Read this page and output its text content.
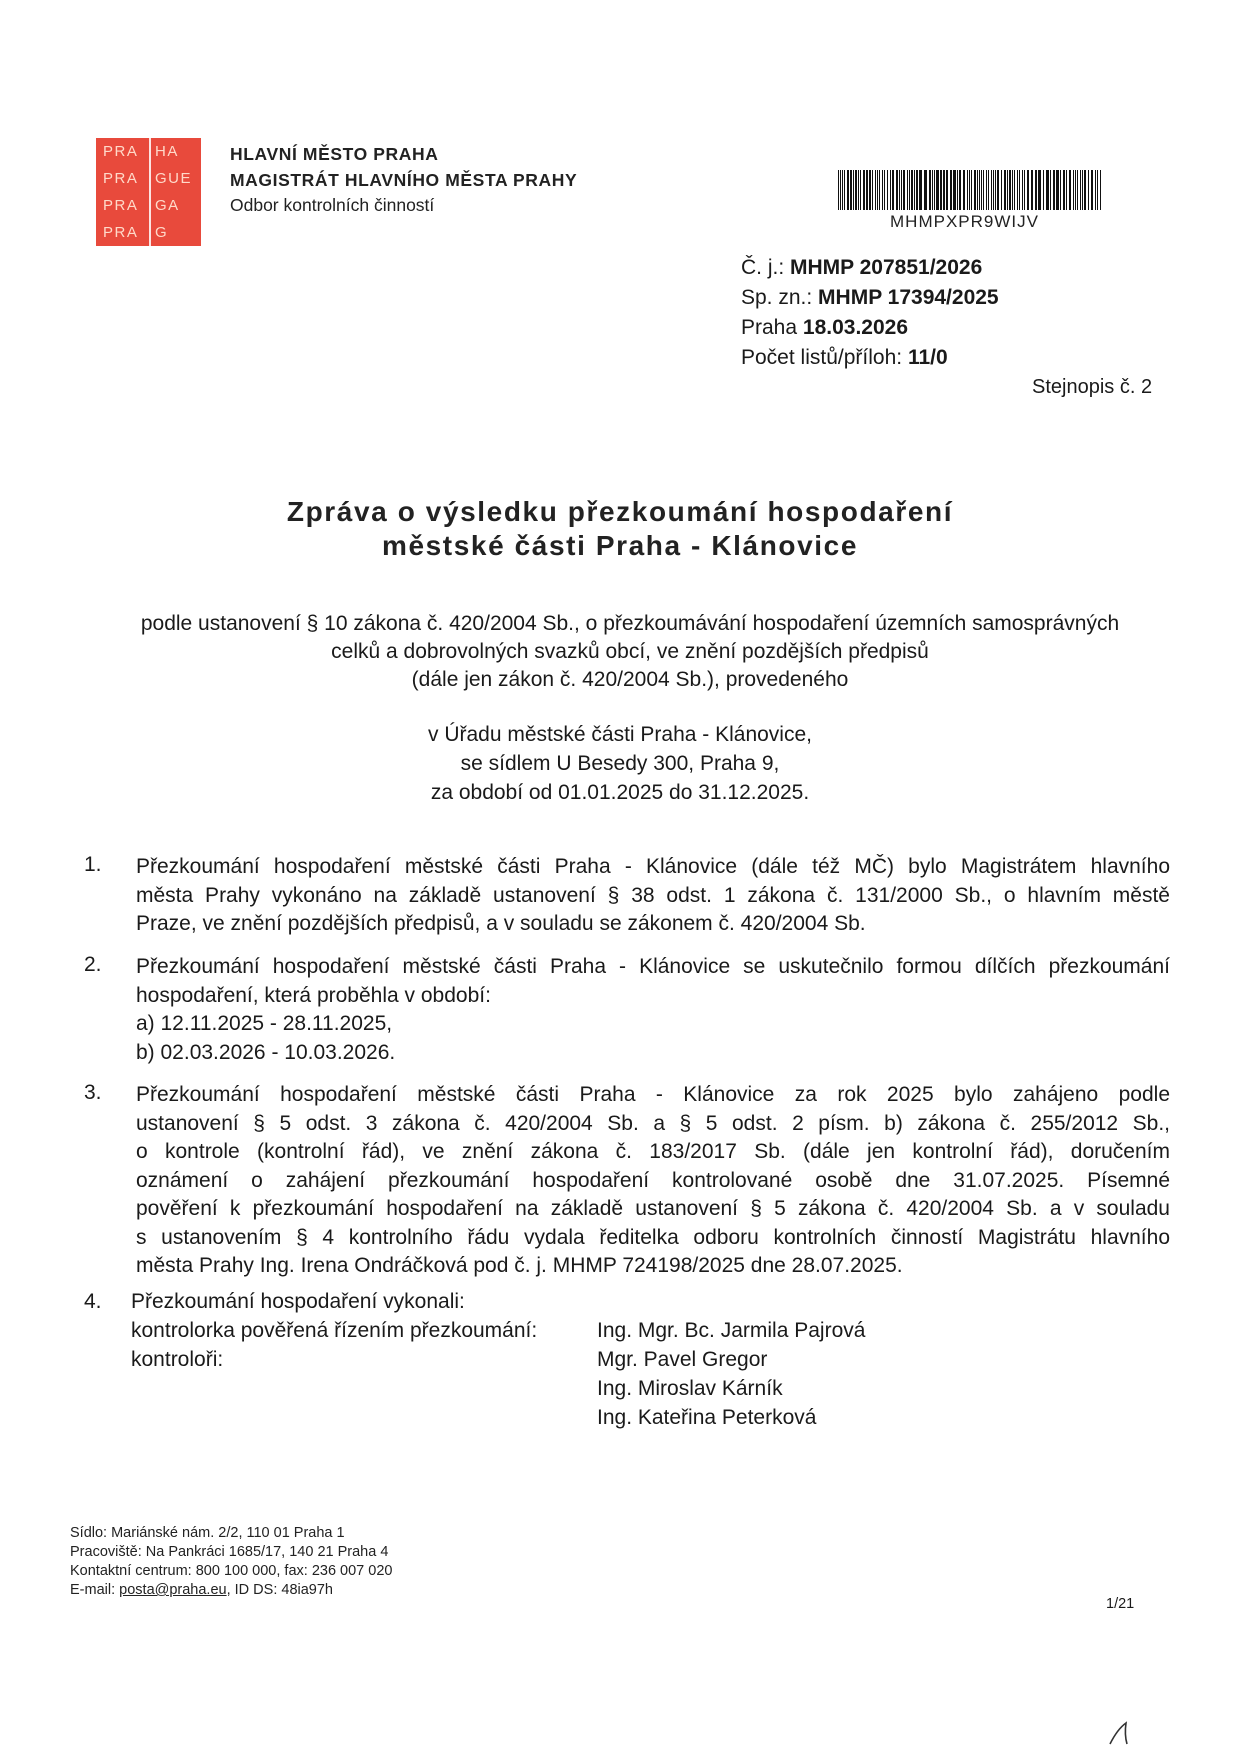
PRA HA
PRA GUE
PRA GA
PRA G
HLAVNÍ MĚSTO PRAHA
MAGISTRÁT HLAVNÍHO MĚSTA PRAHY
Odbor kontrolních činností
MHMPXPR9WIJV
Č. j.: MHMP 207851/2026
Sp. zn.: MHMP 17394/2025
Praha 18.03.2026
Počet listů/příloh: 11/0
Stejnopis č. 2
Zpráva o výsledku přezkoumání hospodaření
městské části Praha - Klánovice
podle ustanovení § 10 zákona č. 420/2004 Sb., o přezkoumávání hospodaření územních samosprávných
celků a dobrovolných svazků obcí, ve znění pozdějších předpisů
(dále jen zákon č. 420/2004 Sb.), provedeného
v Úřadu městské části Praha - Klánovice,
se sídlem U Besedy 300, Praha 9,
za období od 01.01.2025 do 31.12.2025.
1. Přezkoumání hospodaření městské části Praha - Klánovice (dále též MČ) bylo Magistrátem hlavního
města Prahy vykonáno na základě ustanovení § 38 odst. 1 zákona č. 131/2000 Sb., o hlavním městě
Praze, ve znění pozdějších předpisů, a v souladu se zákonem č. 420/2004 Sb.
2. Přezkoumání hospodaření městské části Praha - Klánovice se uskutečnilo formou dílčích přezkoumání
hospodaření, která proběhla v období:
a) 12.11.2025 - 28.11.2025,
b) 02.03.2026 - 10.03.2026.
3. Přezkoumání hospodaření městské části Praha - Klánovice za rok 2025 bylo zahájeno podle
ustanovení § 5 odst. 3 zákona č. 420/2004 Sb. a § 5 odst. 2 písm. b) zákona č. 255/2012 Sb.,
o kontrole (kontrolní řád), ve znění zákona č. 183/2017 Sb. (dále jen kontrolní řád), doručením
oznámení o zahájení přezkoumání hospodaření kontrolované osobě dne 31.07.2025. Písemné
pověření k přezkoumání hospodaření na základě ustanovení § 5 zákona č. 420/2004 Sb. a v souladu
s ustanovením § 4 kontrolního řádu vydala ředitelka odboru kontrolních činností Magistrátu hlavního
města Prahy Ing. Irena Ondráčková pod č. j. MHMP 724198/2025 dne 28.07.2025.
4. Přezkoumání hospodaření vykonali:
kontrolorka pověřená řízením přezkoumání:	Ing. Mgr. Bc. Jarmila Pajrová
kontroloři:	Mgr. Pavel Gregor
Ing. Miroslav Kárník
Ing. Kateřina Peterková
Sídlo: Mariánské nám. 2/2, 110 01 Praha 1
Pracoviště: Na Pankráci 1685/17, 140 21 Praha 4
Kontaktní centrum: 800 100 000, fax: 236 007 020
E-mail: posta@praha.eu, ID DS: 48ia97h
1/21
